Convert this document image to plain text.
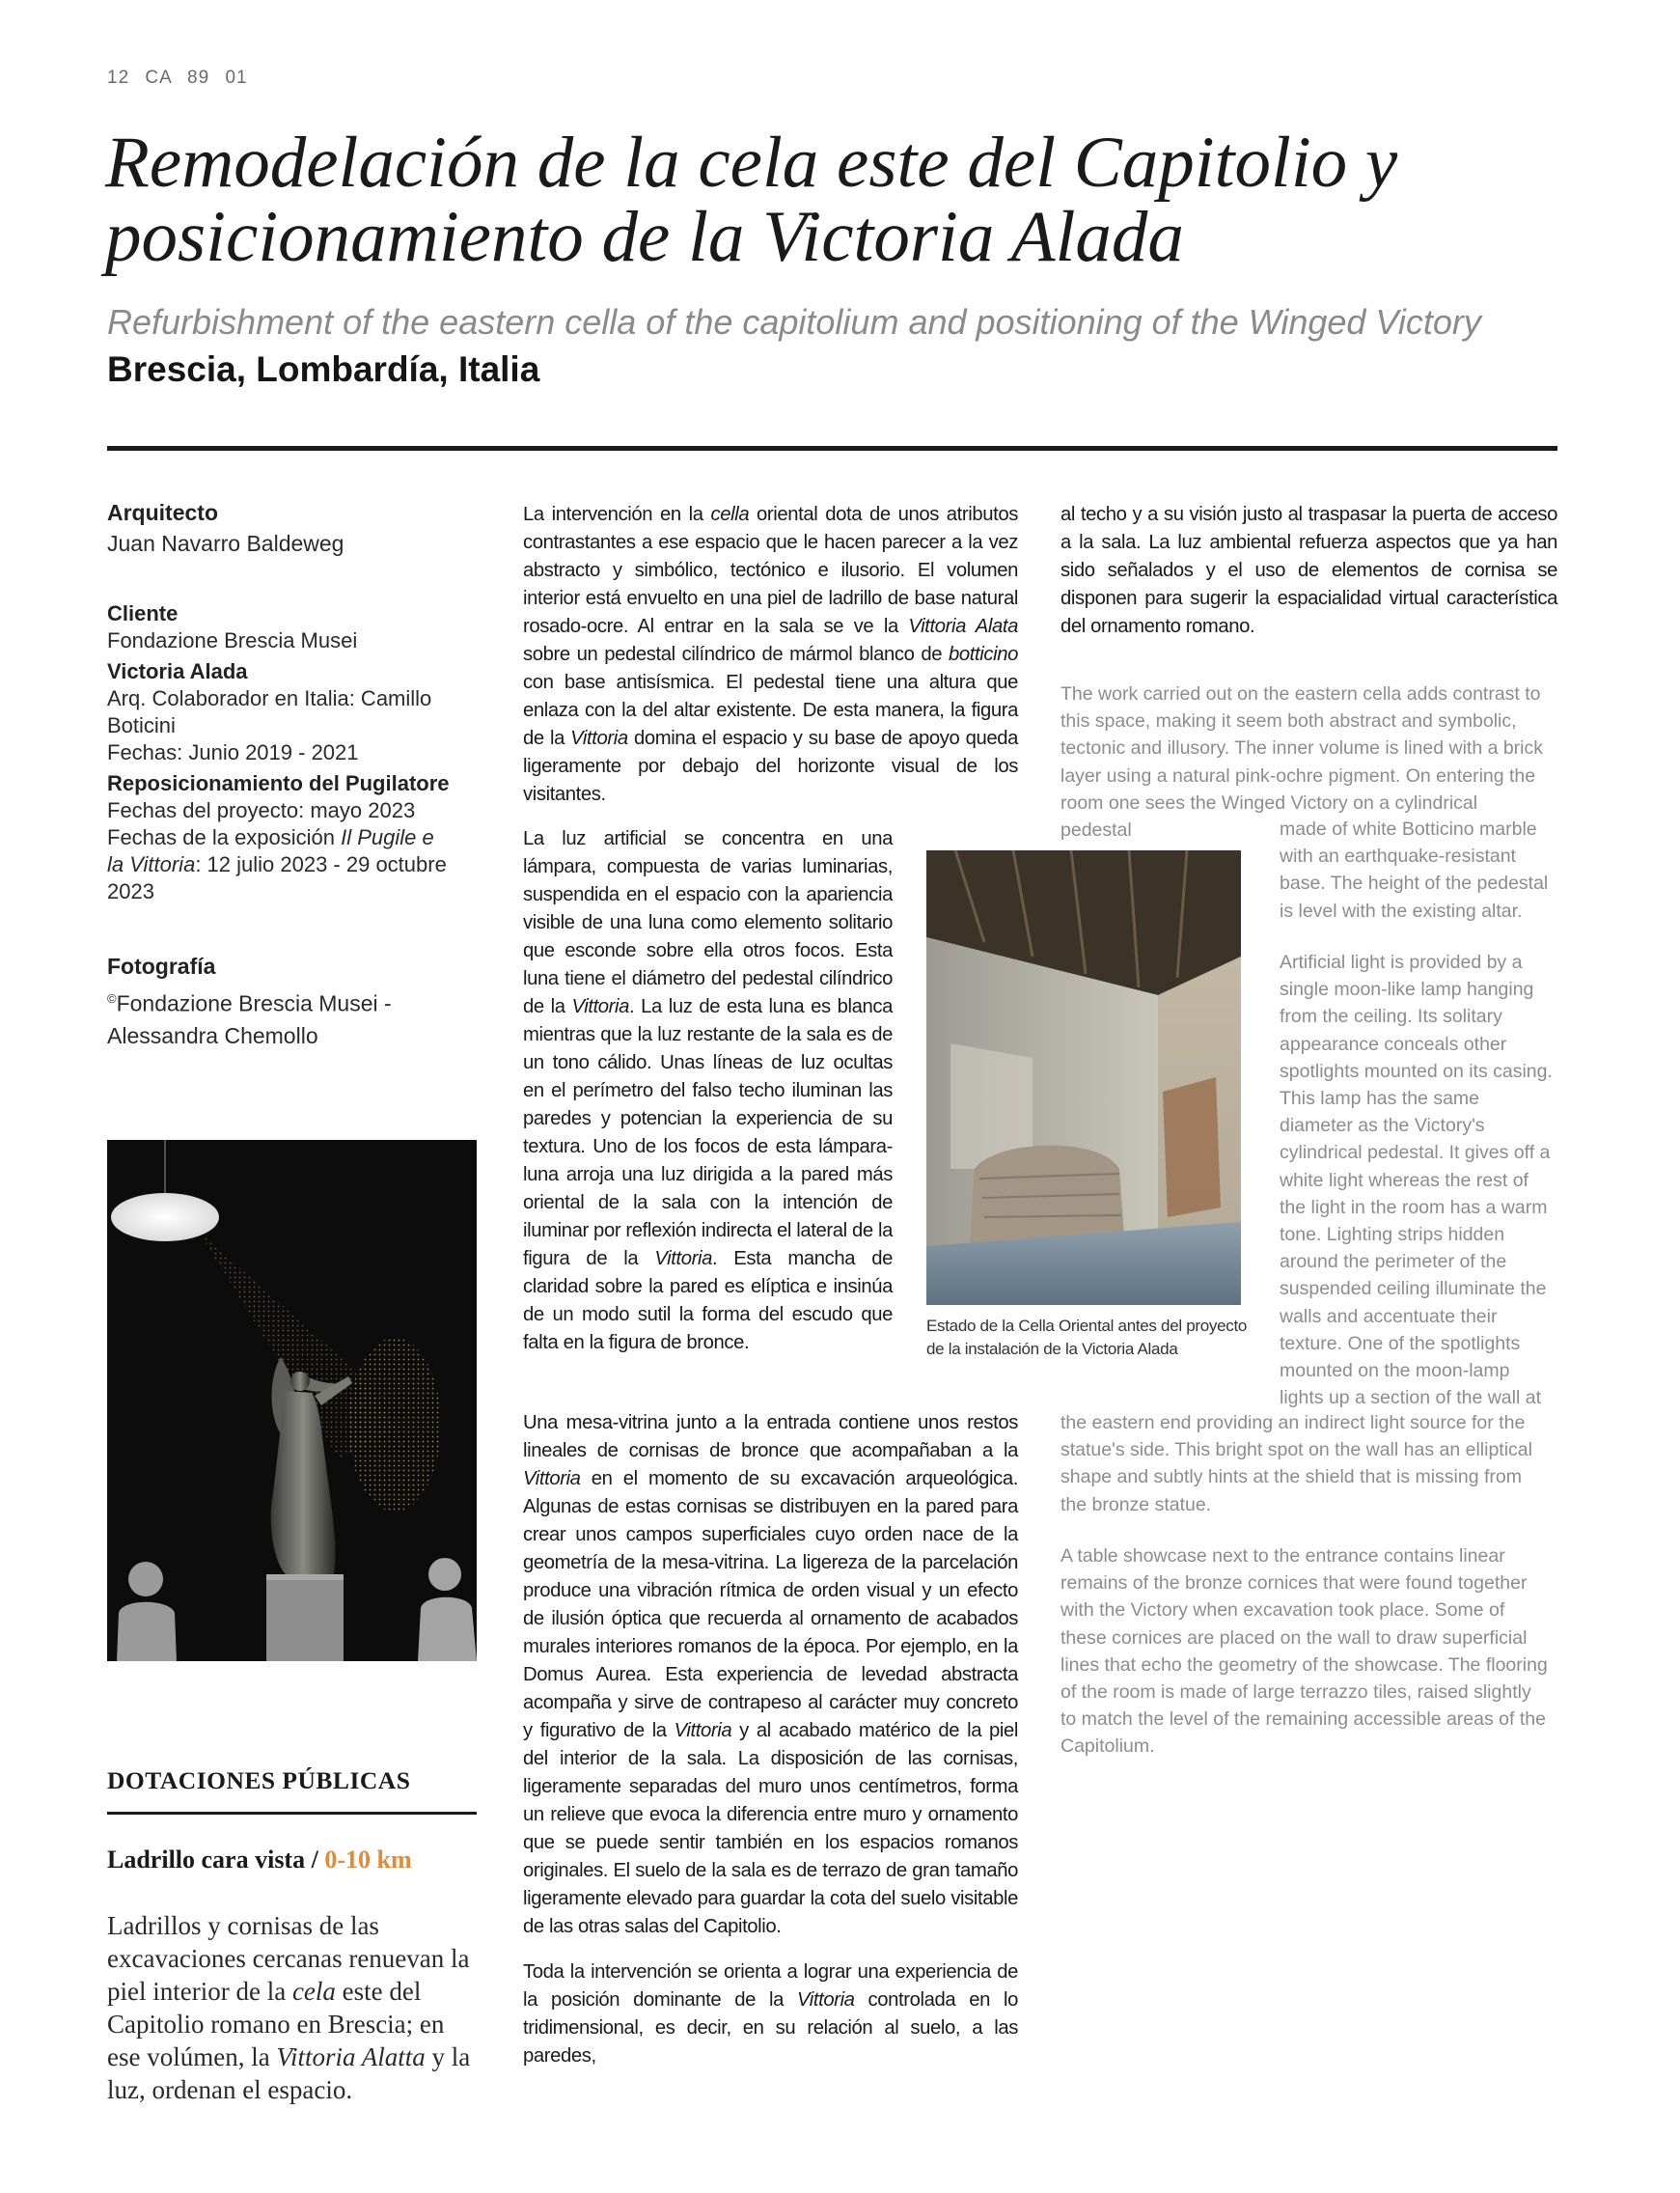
12 CA 89 01
Remodelación de la cela este del Capitolio y
posicionamiento de la Victoria Alada
Refurbishment of the eastern cella of the capitolium and positioning of the Winged Victory
Brescia, Lombardía, Italia
Arquitecto
Juan Navarro Baldeweg
Cliente
Fondazione Brescia Musei
Victoria Alada
Arq. Colaborador en Italia: Camillo
Boticini
Fechas: Junio 2019 - 2021
Reposicionamiento del Pugilatore
Fechas del proyecto: mayo 2023
Fechas de la exposición Il Pugile e
la Vittoria: 12 julio 2023 - 29 octubre
2023
Fotografía
©Fondazione Brescia Musei -
Alessandra Chemollo
DOTACIONES PÚBLICAS
Ladrillo cara vista / 0-10 km
Ladrillos y cornisas de las excavaciones cercanas renuevan la piel interior de la cela este del Capitolio romano en Brescia; en ese volúmen, la Vittoria Alatta y la luz, ordenan el espacio.

La intervención en la cella oriental dota de unos atributos contrastantes a ese espacio que le hacen parecer a la vez abstracto y simbólico, tectónico e ilusorio. El volumen interior está envuelto en una piel de ladrillo de base natural rosado-ocre. Al entrar en la sala se ve la Vittoria Alata sobre un pedestal cilíndrico de mármol blanco de botticino con base antisísmica. El pedestal tiene una altura que enlaza con la del altar existente. De esta manera, la figura de la Vittoria domina el espacio y su base de apoyo queda ligeramente por debajo del horizonte visual de los visitantes.

La luz artificial se concentra en una lámpara, compuesta de varias luminarias, suspendida en el espacio con la apariencia visible de una luna como elemento solitario que esconde sobre ella otros focos. Esta luna tiene el diámetro del pedestal cilíndrico de la Vittoria. La luz de esta luna es blanca mientras que la luz restante de la sala es de un tono cálido. Unas líneas de luz ocultas en el perímetro del falso techo iluminan las paredes y potencian la experiencia de su textura. Uno de los focos de esta lámpara-luna arroja una luz dirigida a la pared más oriental de la sala con la intención de iluminar por reflexión indirecta el lateral de la figura de la Vittoria. Esta mancha de claridad sobre la pared es elíptica e insinúa de un modo sutil la forma del escudo que falta en la figura de bronce.

Una mesa-vitrina junto a la entrada contiene unos restos lineales de cornisas de bronce que acompañaban a la Vittoria en el momento de su excavación arqueológica. Algunas de estas cornisas se distribuyen en la pared para crear unos campos superficiales cuyo orden nace de la geometría de la mesa-vitrina. La ligereza de la parcelación produce una vibración rítmica de orden visual y un efecto de ilusión óptica que recuerda al ornamento de acabados murales interiores romanos de la época. Por ejemplo, en la Domus Aurea. Esta experiencia de levedad abstracta acompaña y sirve de contrapeso al carácter muy concreto y figurativo de la Vittoria y al acabado matérico de la piel del interior de la sala. La disposición de las cornisas, ligeramente separadas del muro unos centímetros, forma un relieve que evoca la diferencia entre muro y ornamento que se puede sentir también en los espacios romanos originales. El suelo de la sala es de terrazo de gran tamaño ligeramente elevado para guardar la cota del suelo visitable de las otras salas del Capitolio.

Toda la intervención se orienta a lograr una experiencia de la posición dominante de la Vittoria controlada en lo tridimensional, es decir, en su relación al suelo, a las paredes,

Estado de la Cella Oriental antes del proyecto de la instalación de la Victoria Alada

al techo y a su visión justo al traspasar la puerta de acceso a la sala. La luz ambiental refuerza aspectos que ya han sido señalados y el uso de elementos de cornisa se disponen para sugerir la espacialidad virtual característica del ornamento romano.

The work carried out on the eastern cella adds contrast to this space, making it seem both abstract and symbolic, tectonic and illusory. The inner volume is lined with a brick layer using a natural pink-ochre pigment. On entering the room one sees the Winged Victory on a cylindrical pedestal	made of white Botticino marble with an earthquake-resistant base. The height of the pedestal is level with the existing altar.
Artificial light is provided by a single moon-like lamp hanging from the ceiling. Its solitary appearance conceals other spotlights mounted on its casing. This lamp has the same diameter as the Victory's cylindrical pedestal. It gives off a white light whereas the rest of the light in the room has a warm tone. Lighting strips hidden around the perimeter of the suspended ceiling illuminate the walls and accentuate their texture. One of the spotlights mounted on the moon-lamp lights up a section of the wall at
the eastern end providing an indirect light source for the statue's side. This bright spot on the wall has an elliptical shape and subtly hints at the shield that is missing from the bronze statue.
A table showcase next to the entrance contains linear remains of the bronze cornices that were found together with the Victory when excavation took place. Some of these cornices are placed on the wall to draw superficial lines that echo the geometry of the showcase. The flooring of the room is made of large terrazzo tiles, raised slightly to match the level of the remaining accessible areas of the Capitolium.
